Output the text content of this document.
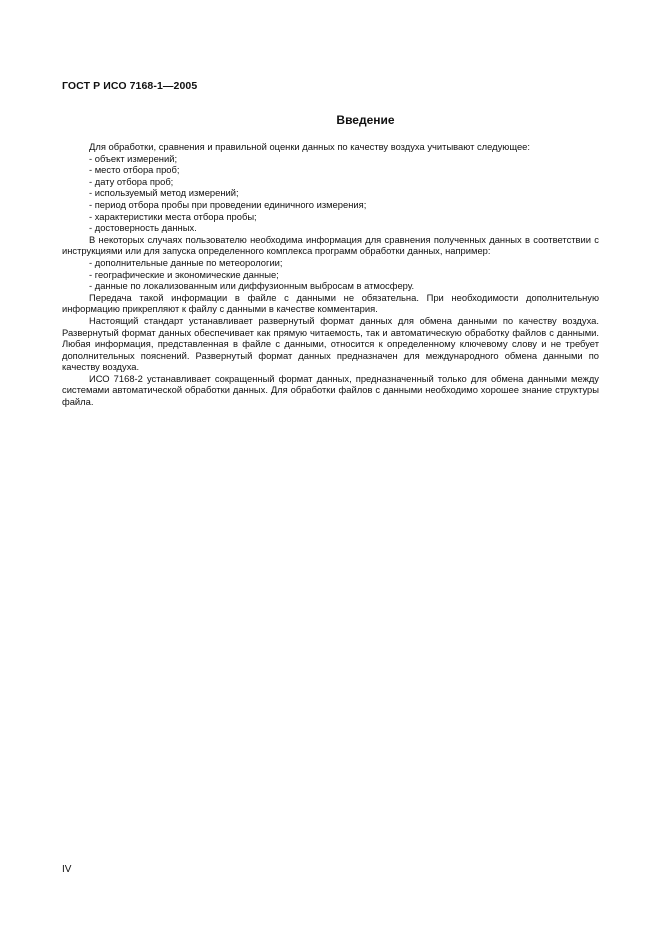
ГОСТ Р ИСО 7168-1—2005
Введение

Для обработки, сравнения и правильной оценки данных по качеству воздуха учитывают следующее:

- объект измерений;

- место отбора проб;

- дату отбора проб;

- используемый метод измерений;

- период отбора пробы при проведении единичного измерения;

- характеристики места отбора пробы;

- достоверность данных.

В некоторых случаях пользователю необходима информация для сравнения полученных данных в соответствии с инструкциями или для запуска определенного комплекса программ обработки данных, например:

- дополнительные данные по метеорологии;

- географические и экономические данные;

- данные по локализованным или диффузионным выбросам в атмосферу.

Передача такой информации в файле с данными не обязательна. При необходимости дополнительную информацию прикрепляют к файлу с данными в качестве комментария.

Настоящий стандарт устанавливает развернутый формат данных для обмена данными по качеству воздуха. Развернутый формат данных обеспечивает как прямую читаемость, так и автоматическую обработку файлов с данными. Любая информация, представленная в файле с данными, относится к определенному ключевому слову и не требует дополнительных пояснений. Развернутый формат данных предназначен для международного обмена данными по качеству воздуха.

ИСО 7168-2 устанавливает сокращенный формат данных, предназначенный только для обмена данными между системами автоматической обработки данных. Для обработки файлов с данными необходимо хорошее знание структуры файла.

IV
